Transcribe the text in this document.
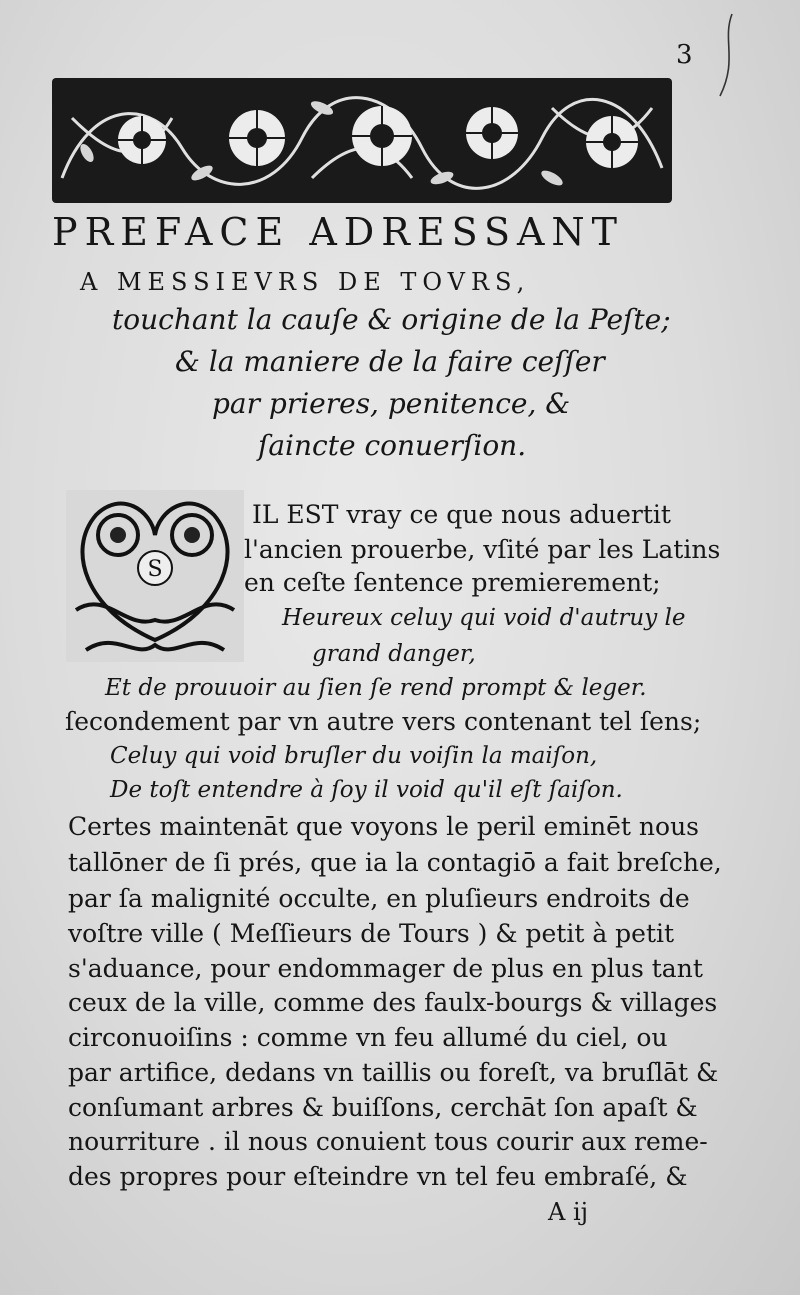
3
PREFACE ADRESSANT
A MESSIEVRS DE TOVRS,
touchant la cauſe & origine de la Peſte;
& la maniere de la faire ceſſer
par prieres, penitence, &
ſaincte conuerſion.
S
IL EST vray ce que nous aduertit
l'ancien prouerbe, vſité par les Latins
en ceſte ſentence premierement;
Heureux celuy qui void d'autruy le
grand danger,
Et de prouuoir au ſien ſe rend prompt & leger.
ſecondement par vn autre vers contenant tel ſens;
Celuy qui void bruſler du voiſin la maiſon,
De toſt entendre à ſoy il void qu'il eſt ſaiſon.
Certes maintenāt que voyons le peril eminēt nous
tallōner de ſi prés, que ia la contagiō a fait breſche,
par ſa malignité occulte, en pluſieurs endroits de
voſtre ville ( Meſſieurs de Tours ) & petit à petit
s'aduance, pour endommager de plus en plus tant
ceux de la ville, comme des faulx-bourgs & villages
circonuoiſins : comme vn feu allumé du ciel, ou
par artifice, dedans vn taillis ou foreſt, va bruſlāt &
conſumant arbres & buiſſons, cerchāt ſon apaſt &
nourriture . il nous conuient tous courir aux reme-
des propres pour eſteindre vn tel feu embraſé, &
A ij
